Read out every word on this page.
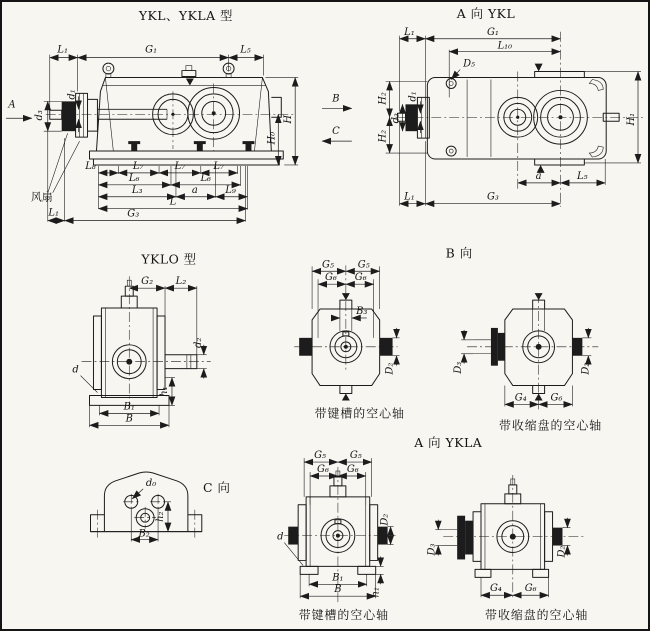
YKL、YKLA 型
风扇
A
B
C
L₁	G₁	L₅
d₃
d₁
H
H₀
L₈	L₇	L₇	L₇
L₆	L₆
L₃	a	L₉
L
L₁	G₃
A 向 YKL
L₁	G₁
L₁₀
D₅
H₂
H₂
d₁
d₃	H₁
a	L₅
L₁	G₃
YKLO 型
G₂ L₂
d₂
d
h₁
B₁
B
B 向
G₅ G₅
G₆ G₆
B₃
D₂
带键槽的空心轴
D₃	D₂
G₄ G₆
带收缩盘的空心轴
C 向
d₀
h₂
B₂
A 向 YKLA
G₅ G₅
G₆ G₆
D₂
d
h₁
B₁
B
带键槽的空心轴
D₃	D₂
G₄ G₆
带收缩盘的空心轴
